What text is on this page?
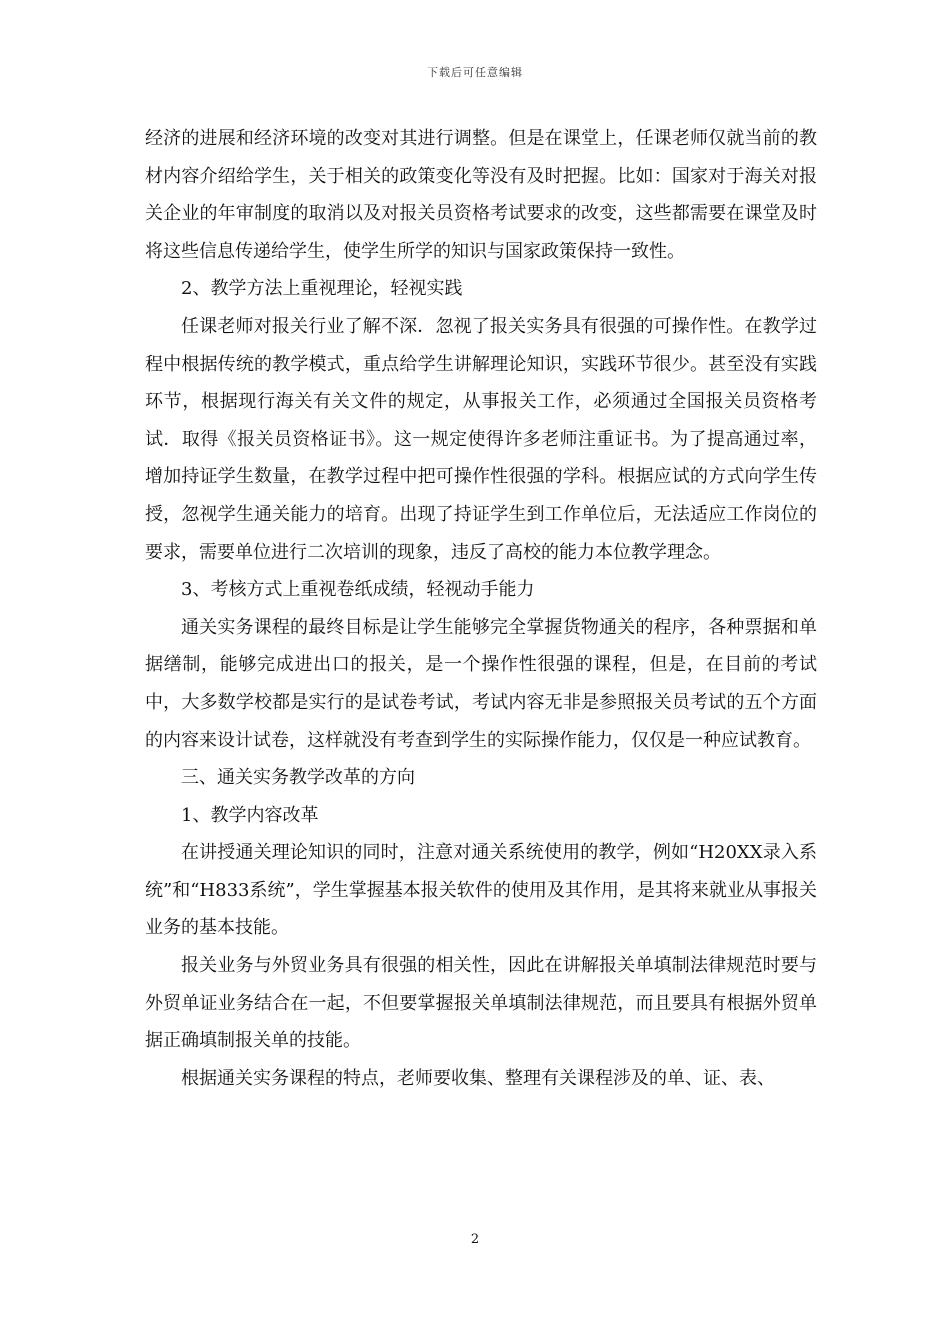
下载后可任意编辑

经济的进展和经济环境的改变对其进行调整。但是在课堂上，任课老师仅就当前的教材内容介绍给学生，关于相关的政策变化等没有及时把握。比如：国家对于海关对报关企业的年审制度的取消以及对报关员资格考试要求的改变，这些都需要在课堂及时将这些信息传递给学生，使学生所学的知识与国家政策保持一致性。

2、教学方法上重视理论，轻视实践

任课老师对报关行业了解不深．忽视了报关实务具有很强的可操作性。在教学过程中根据传统的教学模式，重点给学生讲解理论知识，实践环节很少。甚至没有实践环节，根据现行海关有关文件的规定，从事报关工作，必须通过全国报关员资格考试．取得《报关员资格证书》。这一规定使得许多老师注重证书。为了提高通过率，增加持证学生数量，在教学过程中把可操作性很强的学科。根据应试的方式向学生传授，忽视学生通关能力的培育。出现了持证学生到工作单位后，无法适应工作岗位的要求，需要单位进行二次培训的现象，违反了高校的能力本位教学理念。

3、考核方式上重视卷纸成绩，轻视动手能力

通关实务课程的最终目标是让学生能够完全掌握货物通关的程序，各种票据和单据缮制，能够完成进出口的报关，是一个操作性很强的课程，但是，在目前的考试中，大多数学校都是实行的是试卷考试，考试内容无非是参照报关员考试的五个方面的内容来设计试卷，这样就没有考查到学生的实际操作能力，仅仅是一种应试教育。

三、通关实务教学改革的方向

1、教学内容改革

在讲授通关理论知识的同时，注意对通关系统使用的教学，例如“H20XX录入系统”和“H833系统”，学生掌握基本报关软件的使用及其作用，是其将来就业从事报关业务的基本技能。

报关业务与外贸业务具有很强的相关性，因此在讲解报关单填制法律规范时要与外贸单证业务结合在一起，不但要掌握报关单填制法律规范，而且要具有根据外贸单据正确填制报关单的技能。

根据通关实务课程的特点，老师要收集、整理有关课程涉及的单、证、表、

2
